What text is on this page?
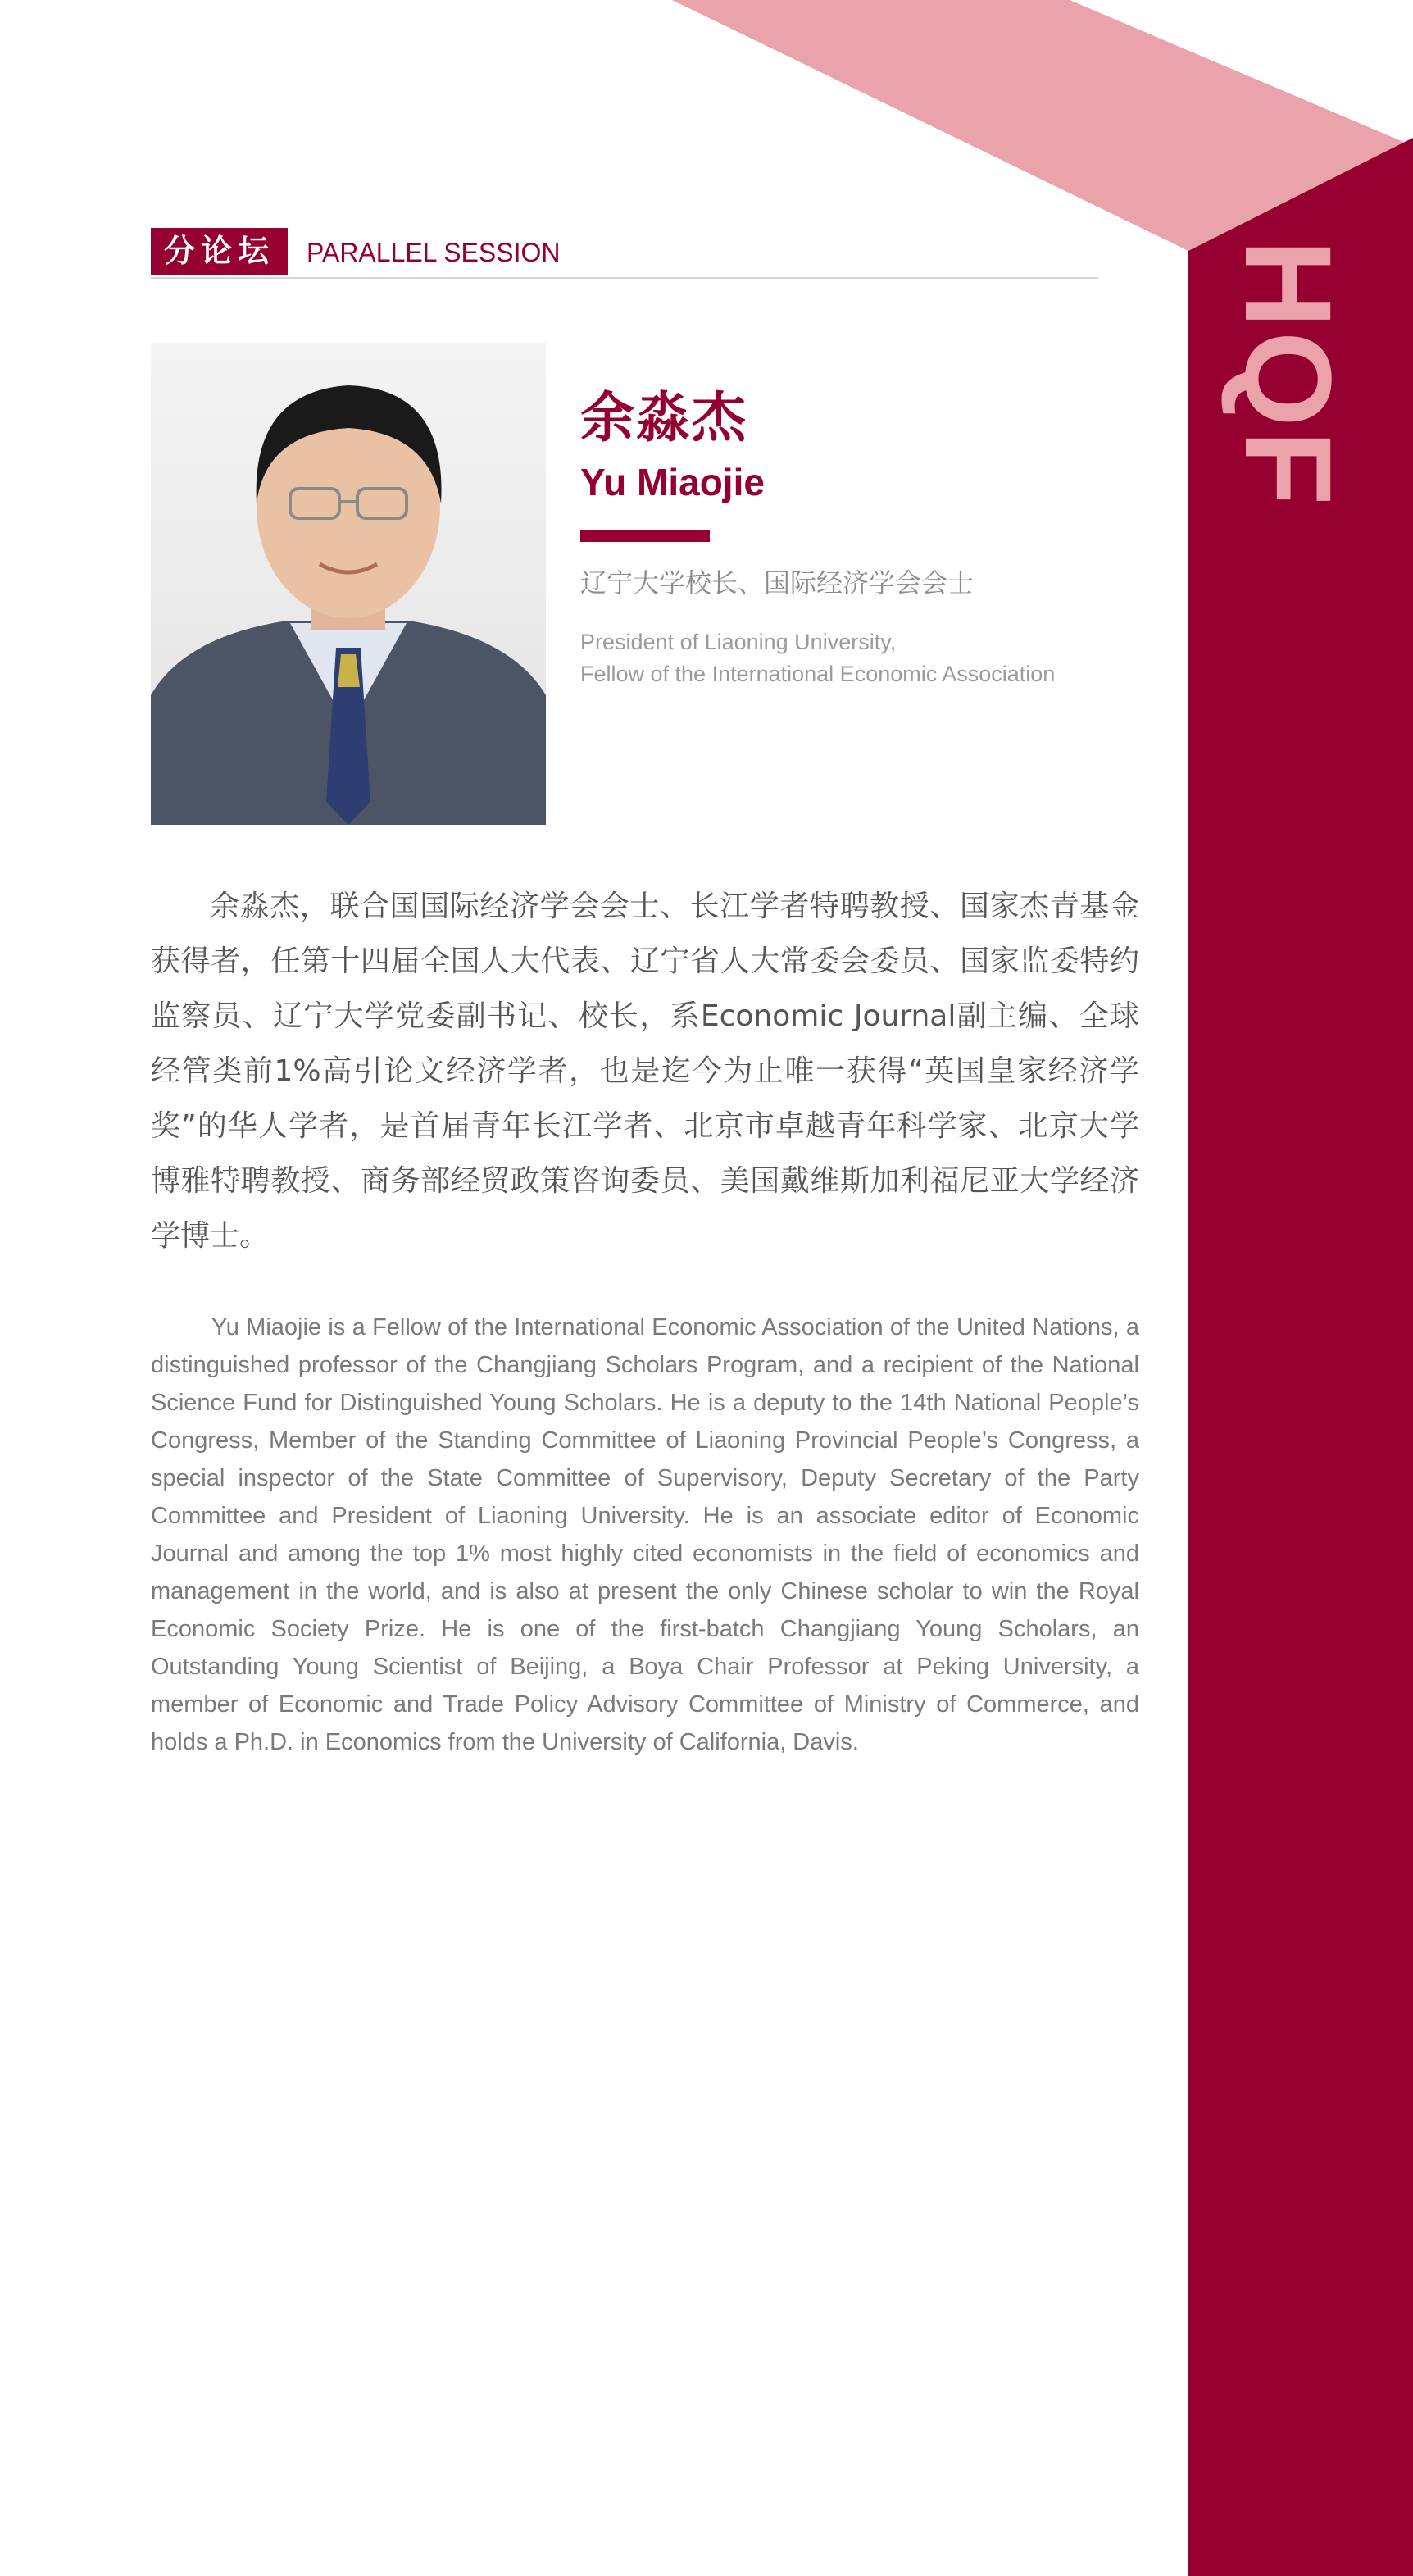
HQF
分论坛	PARALLEL SESSION
余淼杰
Yu Miaojie
辽宁大学校长、国际经济学会会士
President of Liaoning University,
Fellow of the International Economic Association

余淼杰，联合国国际经济学会会士、长江学者特聘教授、国家杰青基金获得者，任第十四届全国人大代表、辽宁省人大常委会委员、国家监委特约监察员、辽宁大学党委副书记、校长，系Economic Journal副主编、全球经管类前1%高引论文经济学者，也是迄今为止唯一获得“英国皇家经济学奖”的华人学者，是首届青年长江学者、北京市卓越青年科学家、北京大学博雅特聘教授、商务部经贸政策咨询委员、美国戴维斯加利福尼亚大学经济学博士。

Yu Miaojie is a Fellow of the International Economic Association of the United Nations, a distinguished professor of the Changjiang Scholars Program, and a recipient of the National Science Fund for Distinguished Young Scholars. He is a deputy to the 14th National People’s Congress, Member of the Standing Committee of Liaoning Provincial People’s Congress, a special inspector of the State Committee of Supervisory, Deputy Secretary of the Party Committee and President of Liaoning University. He is an associate editor of Economic Journal and among the top 1% most highly cited economists in the field of economics and management in the world, and is also at present the only Chinese scholar to win the Royal Economic Society Prize. He is one of the first-batch Changjiang Young Scholars, an Outstanding Young Scientist of Beijing, a Boya Chair Professor at Peking University, a member of Economic and Trade Policy Advisory Committee of Ministry of Commerce, and holds a Ph.D. in Economics from the University of California, Davis.
